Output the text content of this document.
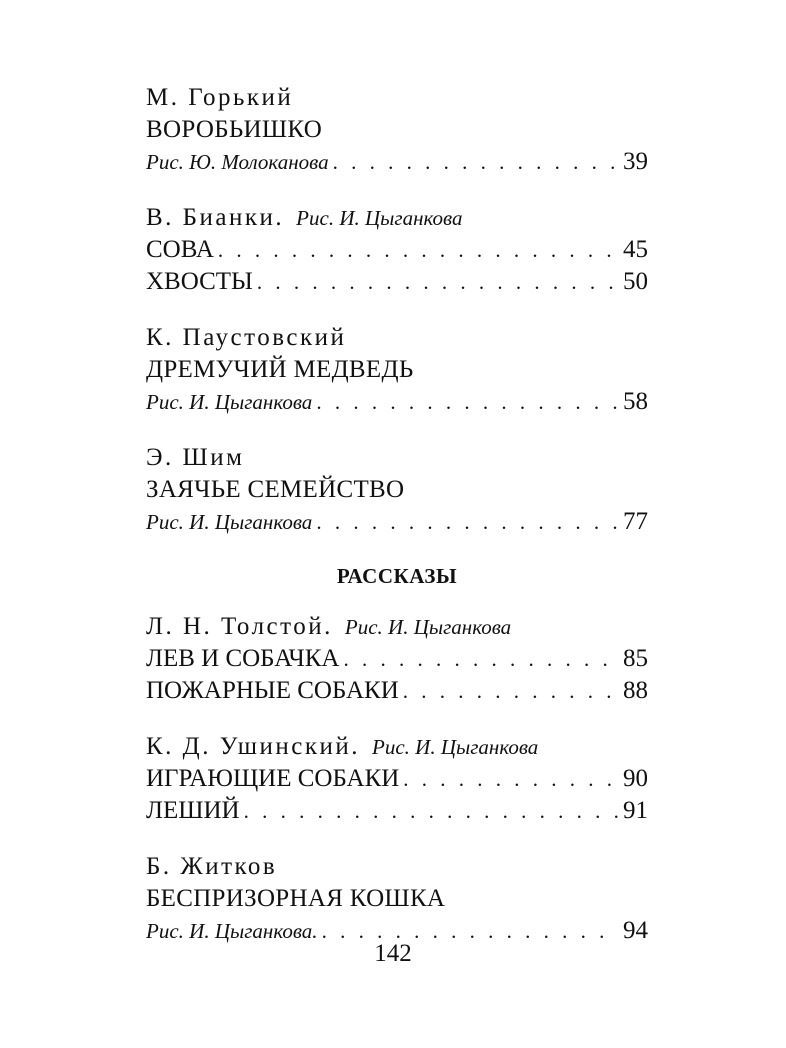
М. Горький
ВОРОБЬИШКО
Рис. Ю. Молоканова . . .	39
В. Бианки. Рис. И. Цыганкова
СОВА . . .	45
ХВОСТЫ . . .	50
К. Паустовский
ДРЕМУЧИЙ МЕДВЕДЬ
Рис. И. Цыганкова . . .	58
Э. Шим
ЗАЯЧЬЕ СЕМЕЙСТВО
Рис. И. Цыганкова . . .	77
РАССКАЗЫ
Л. Н. Толстой. Рис. И. Цыганкова
ЛЕВ И СОБАЧКА . . .	85
ПОЖАРНЫЕ СОБАКИ . . .	88
К. Д. Ушинский. Рис. И. Цыганкова
ИГРАЮЩИЕ СОБАКИ . . .	90
ЛЕШИЙ . . .	91
Б. Житков
БЕСПРИЗОРНАЯ КОШКА
Рис. И. Цыганкова. . . .	94
142
